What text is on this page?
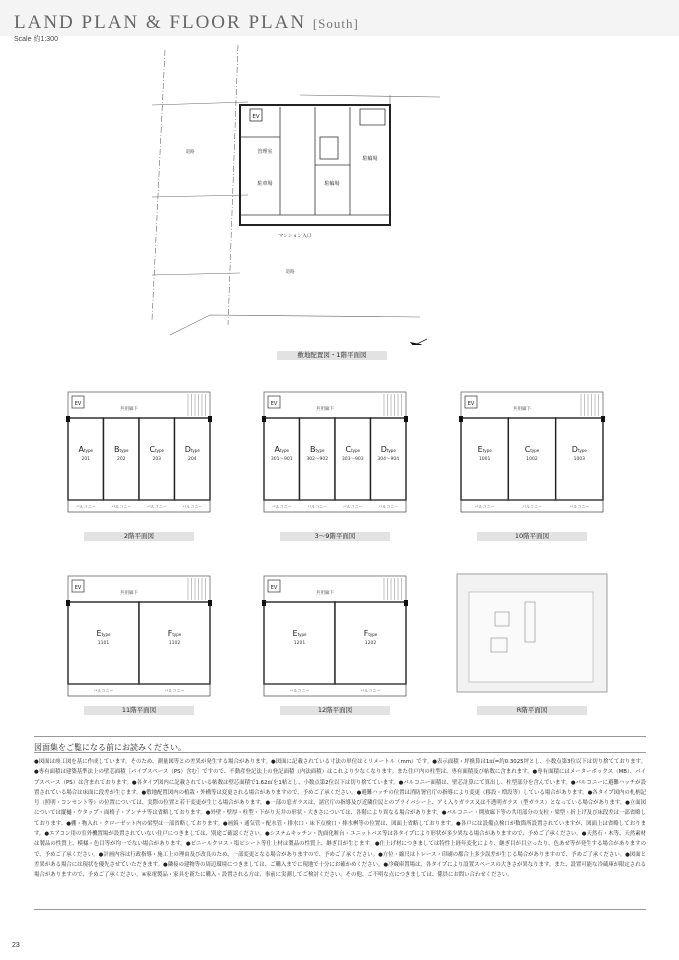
LAND PLAN & FLOOR PLAN [South]
Scale 約1:300
EV
管理室
駐車場	駐輪場
駐輪場
マンション入口
道路
道路
敷地配置図・1階平面図
EV
共用廊下
Atype
201
Btype
202
Ctype
203
Dtype
204
バルコニー	バルコニー	バルコニー	バルコニー
2階平面図
EV
共用廊下
Atype
301〜901
Btype
302〜902
Ctype
303〜903
Dtype
304〜904
バルコニー	バルコニー	バルコニー	バルコニー
3〜9階平面図
EV
共用廊下
Etype
1001
Ctype
1002
Dtype
1003
バルコニー	バルコニー	バルコニー
10階平面図
EV
共用廊下
Etype
1101
Ftype
1102
バルコニー	バルコニー
11階平面図
EV
共用廊下
Etype
1201
Ftype
1202
バルコニー	バルコニー
12階平面図	R階平面図
図面集をご覧になる前にお読みください。
●図面は竣工図を基に作成しています。そのため、測量図等との差異が発生する場合があります。●図面に記載されている寸法の単位はミリメートル（mm）です。●表示面積・坪換算は1㎡=約0.3025坪とし、小数点第3位以下は切り捨てております。●専有面積は建築基準法上の壁芯面積［パイプスペース（PS）含む］ですので、不動産登記法上の登記面積（内法面積）はこれより少なくなります。また住戸内の柱型は、専有面積及び帖数に含まれます。●専有面積にはメーターボックス（MB）、パイプスペース（PS）は含まれております。●各タイプ図内に記載されている帖数は壁芯面積で1.62㎡を1帖とし、小数点第2位以下は切り捨てています。●バルコニー面積は、壁芯計算にて算出し、柱型部分を含んでいます。●バルコニーに避難ハッチが設置されている場合は床面に段差が生じます。●敷地配置図内の植栽・外構等は変更される場合がありますので、予めご了承ください。●避難ハッチの位置は消防署官庁の指導により変更（移設・増設等）している場合があります。●各タイプ図内の札柄記号（照明・コンセント等）の位置については、実際の位置と若干変更が生じる場合があります。●一部の窓ガラスは、諸官庁の指導及び近隣住民とのプライバシー上、アミ入りガラス又は不透明ガラス（型ガラス）となっている場合があります。●立面図については縦樋・ウタップ・面格子・アンテナ等は省略しております。●外壁・壁厚・柱型・下がり天井の形状・大きさについては、各階により異なる場合があります。●バルコニー・開放廊下等の共用部分の支柱・梁型・折上げ及び床段差は一部省略しております。●棚・物入れ・クローゼット内の梁型は一部省略しております。●画鋲・通気管・配水管・排水口・床下点検口・排水桝等の位置は、図面上省略しております。●各戸には設備点検口が数箇所設置されていますが、図面上は省略しております。●エアコン用の室外機置場が設置されていない住戸につきましては、別途ご確認ください。●システムキッチン・洗面化粧台・ユニットバス等は各タイプにより形状が多少異なる場合がありますので、予めご了承ください。●天然石・木等、天然素材は製品の性質上、模様・色目等が均一でない場合があります。●ビニールクロス・塩ビシート等仕上材は製品の性質上、継ぎ目が生じます。●仕上げ材につきましては特性上経年変化により、継ぎ目が目立ったり、色あせ等が発生する場合がありますので、予めご了承ください。●計画内容は行政指導・施工上の理由及び改良のため、一部変更となる場合がありますので、予めご了承ください。●方位・縮尺はトレース・印刷の都合上多少誤差が生じる場合がありますので、予めご了承ください。●図面と差異がある場合には現状を優先させていただきます。●隣接の建物等の周辺環境につきましては、ご購入までに現地で十分にお確かめください。●冷蔵庫置場は、各タイプにより設置スペースの大きさが異なります。また、設置可能な冷蔵庫が限定される場合がありますので、予めご了承ください。※家電製品・家具を新たに購入・設置される方は、事前に実測してご検討ください。その他、ご不明な点につきましては、係員にお問い合わせください。
23
